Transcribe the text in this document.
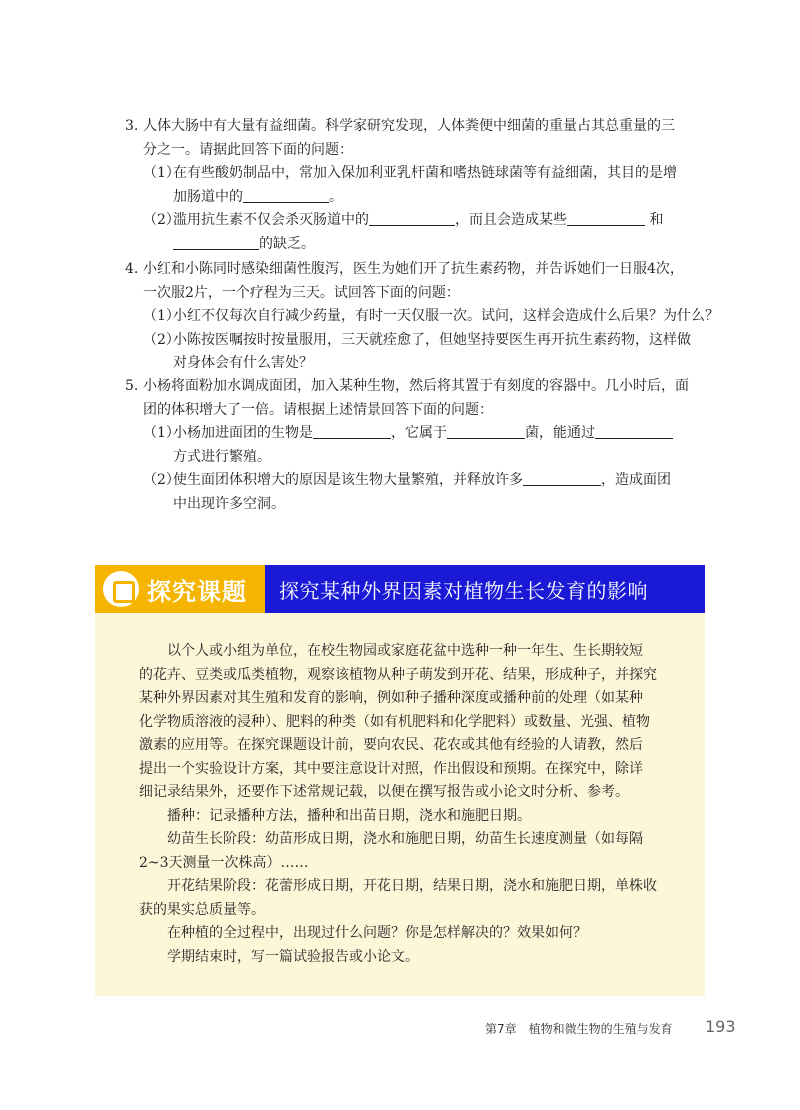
3. 人体大肠中有大量有益细菌。科学家研究发现，人体粪便中细菌的重量占其总重量的三
分之一。请据此回答下面的问题：
（1）
在有些酸奶制品中，常加入保加利亚乳杆菌和嗜热链球菌等有益细菌，其目的是增
加肠道中的	。
（2）
滥用抗生素不仅会杀灭肠道中的	，而且会造成某些	和
的缺乏。
4. 小红和小陈同时感染细菌性腹泻，医生为她们开了抗生素药物，并告诉她们一日服4次，
一次服2片，一个疗程为三天。试回答下面的问题：
（1）
小红不仅每次自行减少药量，有时一天仅服一次。试问，这样会造成什么后果？为什么？
（2）
小陈按医嘱按时按量服用，三天就痊愈了，但她坚持要医生再开抗生素药物，这样做
对身体会有什么害处？
5. 小杨将面粉加水调成面团，加入某种生物，然后将其置于有刻度的容器中。几小时后，面
团的体积增大了一倍。请根据上述情景回答下面的问题：
（1）
小杨加进面团的生物是	，它属于	菌，能通过
方式进行繁殖。
（2）
使生面团体积增大的原因是该生物大量繁殖，并释放许多	，造成面团
中出现许多空洞。
探究课题 探究某种外界因素对植物生长发育的影响
以个人或小组为单位，在校生物园或家庭花盆中选种一种一年生、生长期较短
的花卉、豆类或瓜类植物，观察该植物从种子萌发到开花、结果，形成种子，并探究
某种外界因素对其生殖和发育的影响，例如种子播种深度或播种前的处理（如某种
化学物质溶液的浸种）、肥料的种类（如有机肥料和化学肥料）或数量、光强、植物
激素的应用等。在探究课题设计前，要向农民、花农或其他有经验的人请教，然后
提出一个实验设计方案，其中要注意设计对照，作出假设和预期。在探究中，除详
细记录结果外，还要作下述常规记载，以便在撰写报告或小论文时分析、参考。
播种：记录播种方法，播种和出苗日期，浇水和施肥日期。
幼苗生长阶段：幼苗形成日期，浇水和施肥日期，幼苗生长速度测量（如每隔
2~3天测量一次株高）……
开花结果阶段：花蕾形成日期，开花日期，结果日期，浇水和施肥日期，单株收
获的果实总质量等。
在种植的全过程中，出现过什么问题？你是怎样解决的？效果如何？
学期结束时，写一篇试验报告或小论文。
第7章　植物和微生物的生殖与发育	193
